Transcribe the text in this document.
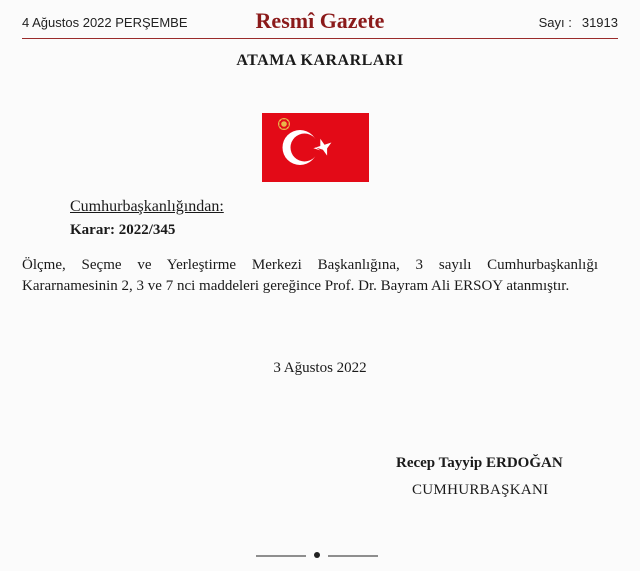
4 Ağustos 2022 PERŞEMBE	Resmî Gazete	Sayı : 31913
ATAMA KARARLARI
Cumhurbaşkanlığından:
Karar: 2022/345
Ölçme, Seçme ve Yerleştirme Merkezi Başkanlığına, 3 sayılı Cumhurbaşkanlığı Kararnamesinin 2, 3 ve 7 nci maddeleri gereğince Prof. Dr. Bayram Ali ERSOY atanmıştır.
3 Ağustos 2022
Recep Tayyip ERDOĞAN
CUMHURBAŞKANI
